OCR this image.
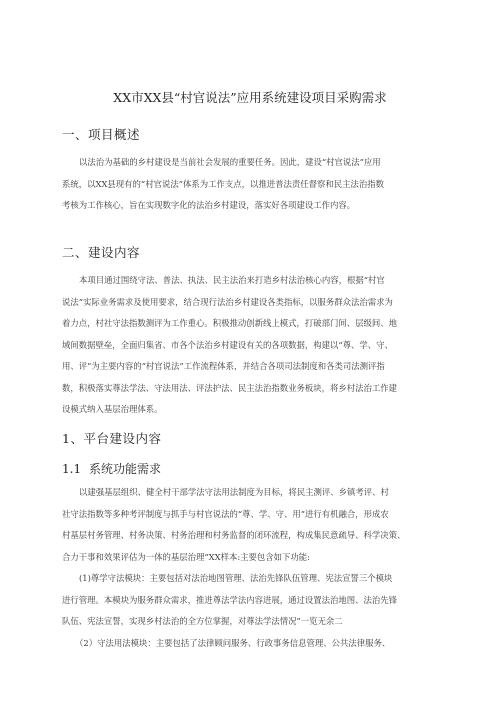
XX市XX县“村官说法”应用系统建设项目采购需求
一、项目概述
以法治为基础的乡村建设是当前社会发展的重要任务。因此，建设“村官说法”应用
系统，以XX县现有的“村官说法”体系为工作支点，以推进普法责任督察和民主法治指数
考核为工作核心，旨在实现数字化的法治乡村建设，落实好各项建设工作内容。
二、建设内容
本项目通过围绕守法、普法、执法、民主法治来打造乡村法治核心内容，根据“村官
说法”实际业务需求及使用要求，结合现行法治乡村建设各类指标，以服务群众法治需求为
着力点，村社守法指数测评为工作重心。积极推动创新线上模式，打破部门间、层级间、地
域间数据壁垒，全面归集省、市各个法治乡村建设有关的各项数据，构建以“尊、学、守、
用、评”为主要内容的“村官说法”工作流程体系，并结合各项司法制度和各类司法测评指
数，积极落实尊法学法、守法用法、评法护法、民主法治指数业务板块，将乡村法治工作建
设模式纳入基层治理体系。
1、平台建设内容
1.1 系统功能需求
以建强基层组织、健全村干部学法守法用法制度为目标，将民主测评、乡镇考评、村
社守法指数等多种考评制度与抓手与村官说法的“尊、学、守、用”进行有机融合，形成农
村基层村务管理、村务决策、村务治理和村务监督的闭环流程，构成集民意疏导、科学决策、
合力干事和效果评估为一体的基层治理“XX样本:主要包含如下功能:
(1)尊学守法模块：主要包括对法治地图管理、法治先锋队伍管理、宪法宣誓三个模块
进行管理。本模块为服务群众需求，推进尊法学法内容进展，通过设置法治地图、法治先锋
队伍、宪法宣誓，实现乡村法治的全方位掌握，对尊法学法情况”一览无余二
（2）守法用法模块：主要包括了法律顾问服务、行政事务信息管理、公共法律服务、
